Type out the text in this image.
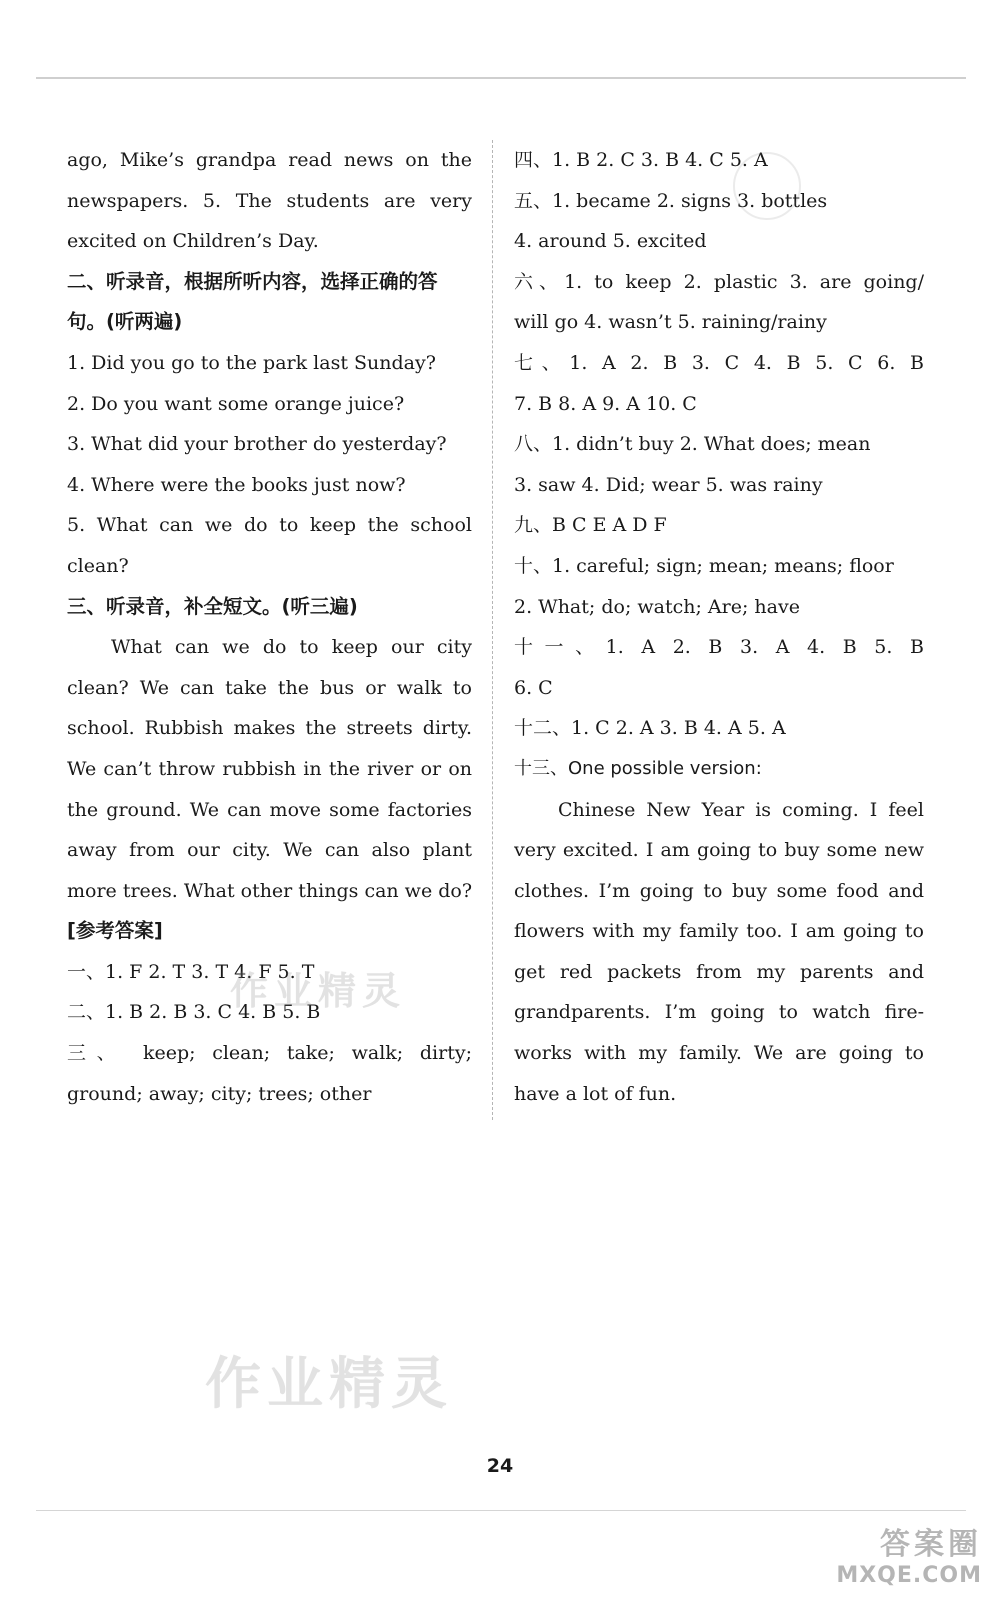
ago, Mike’s grandpa read news on the
newspapers. 5. The students are very
excited on Children’s Day.
二、听录音，根据所听内容，选择正确的答
句。(听两遍)
1. Did you go to the park last Sunday?
2. Do you want some orange juice?
3. What did your brother do yesterday?
4. Where were the books just now?
5. What can we do to keep the school
clean?
三、听录音，补全短文。(听三遍)
What can we do to keep our city
clean? We can take the bus or walk to
school. Rubbish makes the streets dirty.
We can’t throw rubbish in the river or on
the ground. We can move some factories
away from our city. We can also plant
more trees. What other things can we do?
[参考答案]
一、1. F 2. T 3. T 4. F 5. T
二、1. B 2. B 3. C 4. B 5. B
三、 keep; clean; take; walk; dirty;
ground; away; city; trees; other
四、1. B 2. C 3. B 4. C 5. A
五、1. became 2. signs 3. bottles
4. around 5. excited
六、1. to keep 2. plastic 3. are going/
will go 4. wasn’t 5. raining/rainy
七、1. A 2. B 3. C 4. B 5. C 6. B
7. B 8. A 9. A 10. C
八、1. didn’t buy 2. What does; mean
3. saw 4. Did; wear 5. was rainy
九、B C E A D F
十、1. careful; sign; mean; means; floor
2. What; do; watch; Are; have
十一、1. A 2. B 3. A 4. B 5. B
6. C
十二、1. C 2. A 3. B 4. A 5. A
十三、One possible version:
Chinese New Year is coming. I feel
very excited. I am going to buy some new
clothes. I’m going to buy some food and
flowers with my family too. I am going to
get red packets from my parents and
grandparents. I’m going to watch fire-
works with my family. We are going to
have a lot of fun.
作业精灵
作业精灵
24
答案圈
MXQE.COM
